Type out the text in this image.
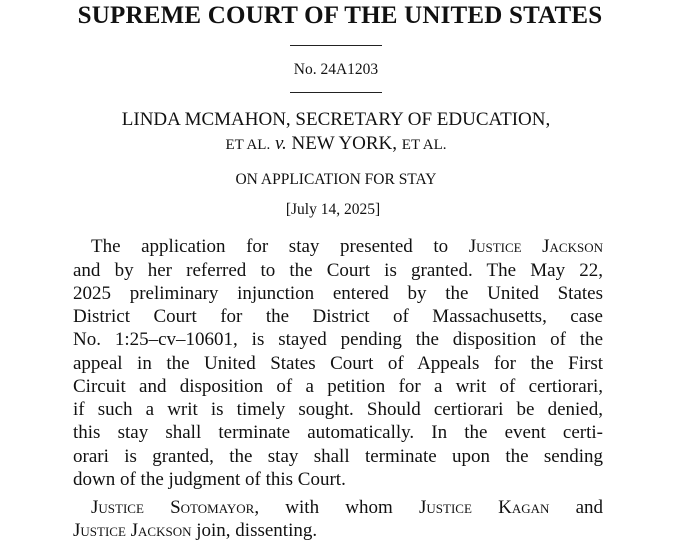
SUPREME COURT OF THE UNITED STATES
No. 24A1203
LINDA MCMAHON, SECRETARY OF EDUCATION,
ET AL. v. NEW YORK, ET AL.
ON APPLICATION FOR STAY
[July 14, 2025]
The application for stay presented to Justice Jackson
and by her referred to the Court is granted. The May 22,
2025 preliminary injunction entered by the United States
District Court for the District of Massachusetts, case
No. 1:25–cv–10601, is stayed pending the disposition of the
appeal in the United States Court of Appeals for the First
Circuit and disposition of a petition for a writ of certiorari,
if such a writ is timely sought. Should certiorari be denied,
this stay shall terminate automatically. In the event certi-
orari is granted, the stay shall terminate upon the sending
down of the judgment of this Court.
Justice Sotomayor, with whom Justice Kagan and
Justice Jackson join, dissenting.
